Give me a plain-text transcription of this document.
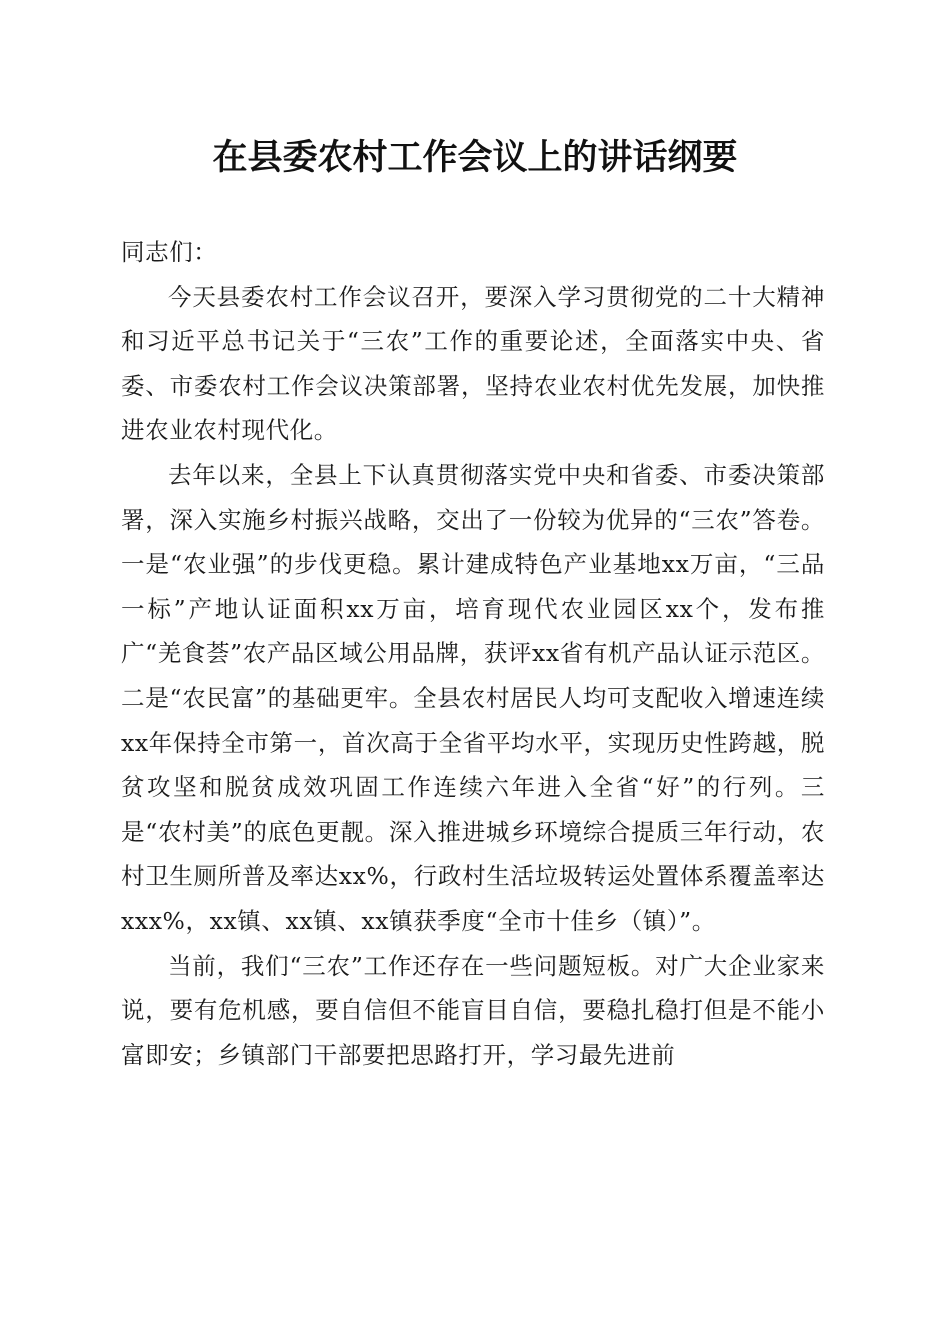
在县委农村工作会议上的讲话纲要

同志们：

今天县委农村工作会议召开，要深入学习贯彻党的二十大精神和习近平总书记关于“三农”工作的重要论述，全面落实中央、省委、市委农村工作会议决策部署，坚持农业农村优先发展，加快推进农业农村现代化。

去年以来，全县上下认真贯彻落实党中央和省委、市委决策部署，深入实施乡村振兴战略，交出了一份较为优异的“三农”答卷。一是“农业强”的步伐更稳。累计建成特色产业基地xx万亩，“三品一标”产地认证面积xx万亩，培育现代农业园区xx个，发布推广“羌食荟”农产品区域公用品牌，获评xx省有机产品认证示范区。二是“农民富”的基础更牢。全县农村居民人均可支配收入增速连续xx年保持全市第一，首次高于全省平均水平，实现历史性跨越，脱贫攻坚和脱贫成效巩固工作连续六年进入全省“好”的行列。三是“农村美”的底色更靓。深入推进城乡环境综合提质三年行动，农村卫生厕所普及率达xx%，行政村生活垃圾转运处置体系覆盖率达xxx%，xx镇、xx镇、xx镇获季度“全市十佳乡（镇）”。

当前，我们“三农”工作还存在一些问题短板。对广大企业家来说，要有危机感，要自信但不能盲目自信，要稳扎稳打但是不能小富即安；乡镇部门干部要把思路打开，学习最先进前
